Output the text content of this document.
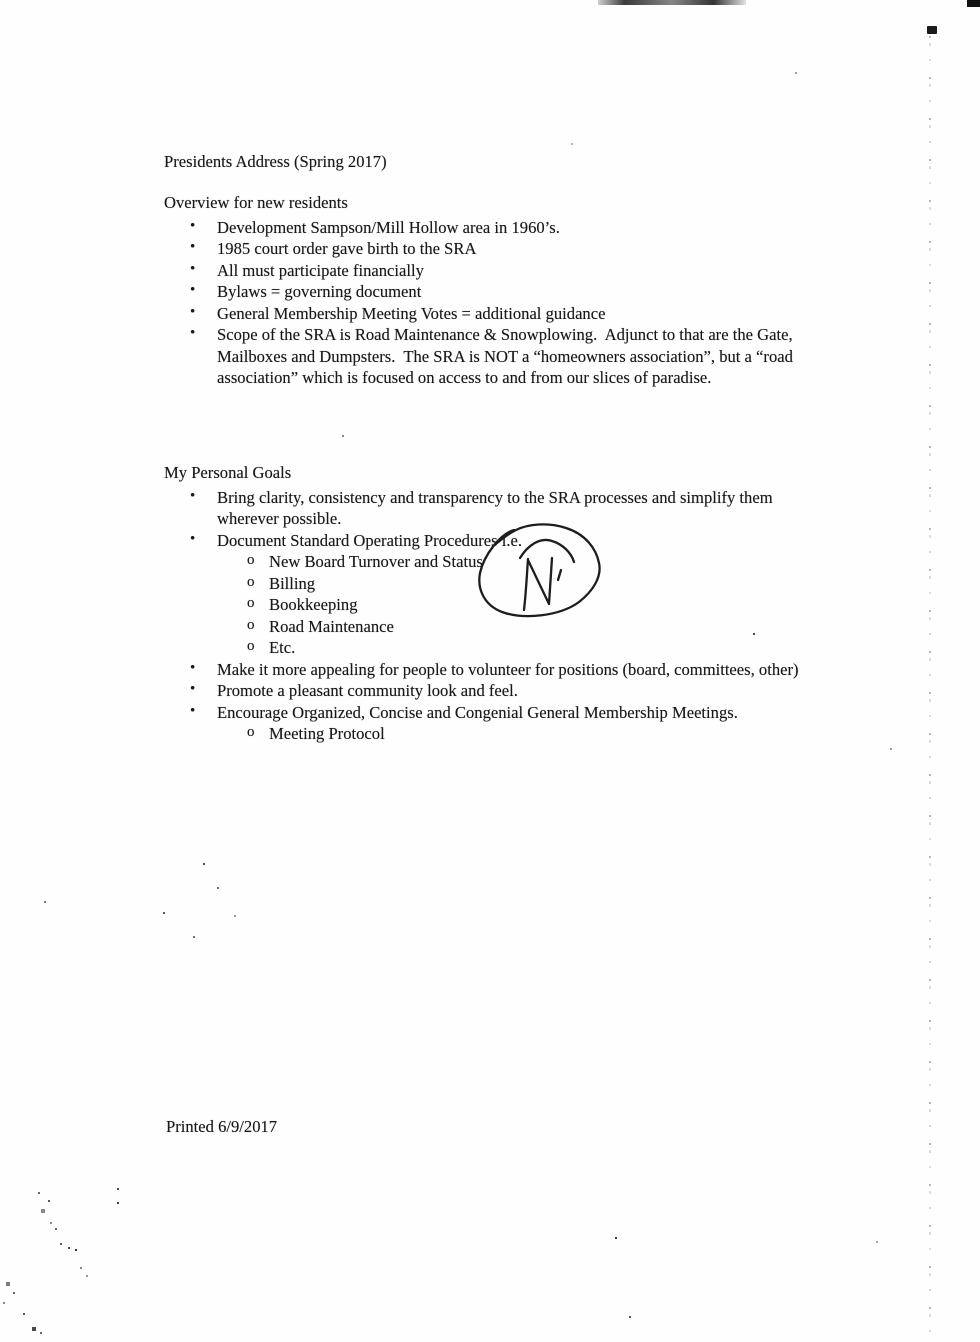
Presidents Address (Spring 2017)
Overview for new residents
• Development Sampson/Mill Hollow area in 1960’s.
• 1985 court order gave birth to the SRA
• All must participate financially
• Bylaws = governing document
• General Membership Meeting Votes = additional guidance
• Scope of the SRA is Road Maintenance & Snowplowing.  Adjunct to that are the Gate, Mailboxes and Dumpsters.  The SRA is NOT a “homeowners association”, but a “road association” which is focused on access to and from our slices of paradise.
My Personal Goals
• Bring clarity, consistency and transparency to the SRA processes and simplify them wherever possible.
• Document Standard Operating Procedures i.e.
o New Board Turnover and Status
o Billing
o Bookkeeping
o Road Maintenance
o Etc.
• Make it more appealing for people to volunteer for positions (board, committees, other)
• Promote a pleasant community look and feel.
• Encourage Organized, Concise and Congenial General Membership Meetings.
o Meeting Protocol
Printed 6/9/2017
